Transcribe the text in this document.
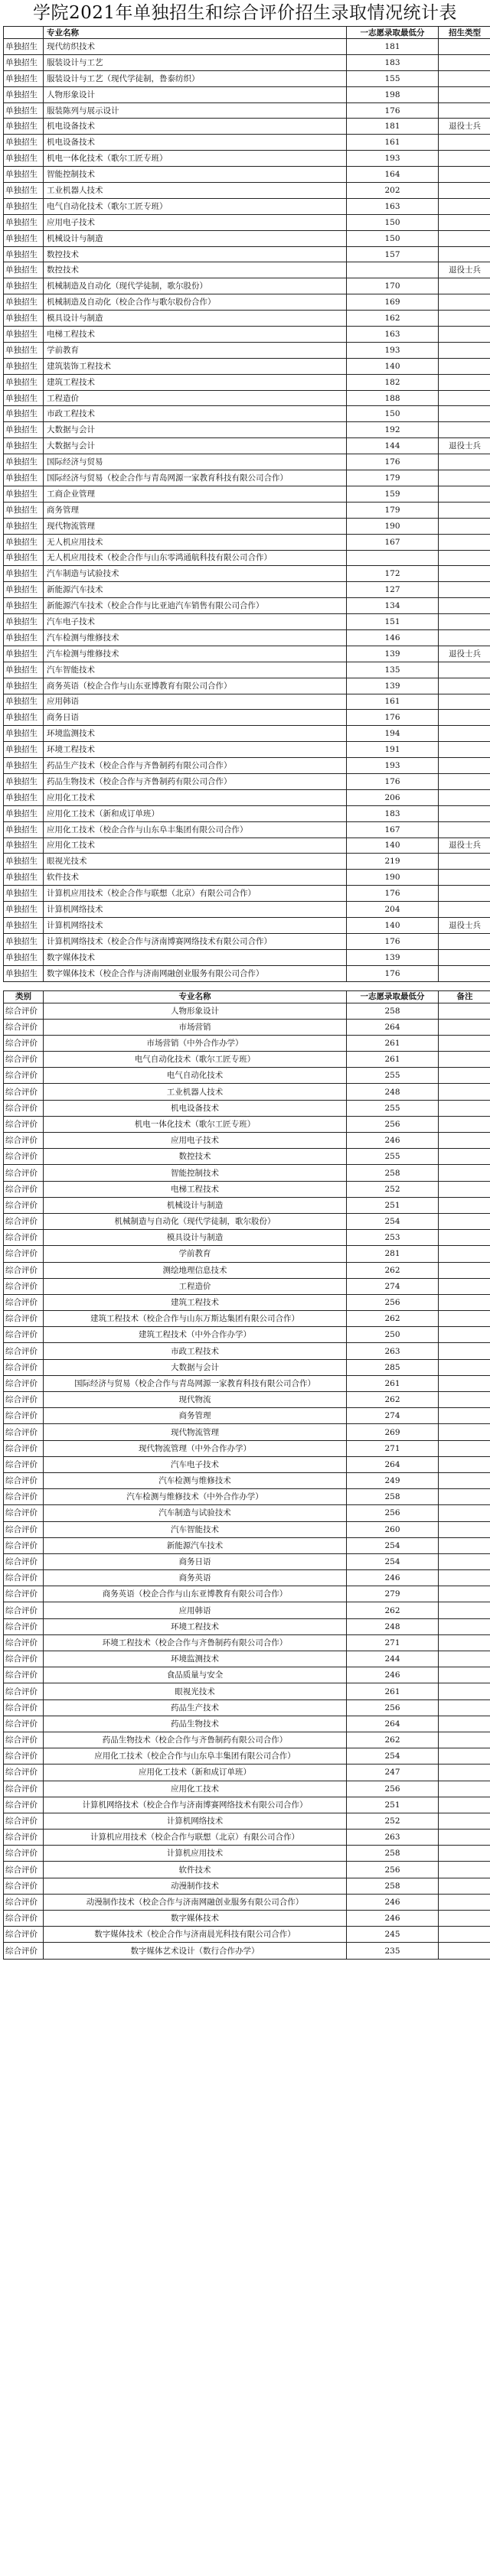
学院2021年单独招生和综合评价招生录取情况统计表
	专业名称	一志愿录取最低分	招生类型
单独招生	现代纺织技术	181	
单独招生	服装设计与工艺	183	
单独招生	服装设计与工艺（现代学徒制，鲁泰纺织）	155	
单独招生	人物形象设计	198	
单独招生	服装陈列与展示设计	176	
单独招生	机电设备技术	181	退役士兵
单独招生	机电设备技术	161	
单独招生	机电一体化技术（歌尔工匠专班）	193	
单独招生	智能控制技术	164	
单独招生	工业机器人技术	202	
单独招生	电气自动化技术（歌尔工匠专班）	163	
单独招生	应用电子技术	150	
单独招生	机械设计与制造	150	
单独招生	数控技术	157	
单独招生	数控技术		退役士兵
单独招生	机械制造及自动化（现代学徒制，歌尔股份）	170	
单独招生	机械制造及自动化（校企合作与歌尔股份合作）	169	
单独招生	模具设计与制造	162	
单独招生	电梯工程技术	163	
单独招生	学前教育	193	
单独招生	建筑装饰工程技术	140	
单独招生	建筑工程技术	182	
单独招生	工程造价	188	
单独招生	市政工程技术	150	
单独招生	大数据与会计	192	
单独招生	大数据与会计	144	退役士兵
单独招生	国际经济与贸易	176	
单独招生	国际经济与贸易（校企合作与青岛网源一家教育科技有限公司合作）	179	
单独招生	工商企业管理	159	
单独招生	商务管理	179	
单独招生	现代物流管理	190	
单独招生	无人机应用技术	167	
单独招生	无人机应用技术（校企合作与山东零鸿通航科技有限公司合作）		
单独招生	汽车制造与试验技术	172	
单独招生	新能源汽车技术	127	
单独招生	新能源汽车技术（校企合作与比亚迪汽车销售有限公司合作）	134	
单独招生	汽车电子技术	151	
单独招生	汽车检测与维修技术	146	
单独招生	汽车检测与维修技术	139	退役士兵
单独招生	汽车智能技术	135	
单独招生	商务英语（校企合作与山东亚博教育有限公司合作）	139	
单独招生	应用韩语	161	
单独招生	商务日语	176	
单独招生	环境监测技术	194	
单独招生	环境工程技术	191	
单独招生	药品生产技术（校企合作与齐鲁制药有限公司合作）	193	
单独招生	药品生物技术（校企合作与齐鲁制药有限公司合作）	176	
单独招生	应用化工技术	206	
单独招生	应用化工技术（新和成订单班）	183	
单独招生	应用化工技术（校企合作与山东阜丰集团有限公司合作）	167	
单独招生	应用化工技术	140	退役士兵
单独招生	眼视光技术	219	
单独招生	软件技术	190	
单独招生	计算机应用技术（校企合作与联想（北京）有限公司合作）	176	
单独招生	计算机网络技术	204	
单独招生	计算机网络技术	140	退役士兵
单独招生	计算机网络技术（校企合作与济南博赛网络技术有限公司合作）	176	
单独招生	数字媒体技术	139	
单独招生	数字媒体技术（校企合作与济南网融创业服务有限公司合作）	176	
类别	专业名称	一志愿录取最低分	备注
综合评价	人物形象设计	258	
综合评价	市场营销	264	
综合评价	市场营销（中外合作办学）	261	
综合评价	电气自动化技术（歌尔工匠专班）	261	
综合评价	电气自动化技术	255	
综合评价	工业机器人技术	248	
综合评价	机电设备技术	255	
综合评价	机电一体化技术（歌尔工匠专班）	256	
综合评价	应用电子技术	246	
综合评价	数控技术	255	
综合评价	智能控制技术	258	
综合评价	电梯工程技术	252	
综合评价	机械设计与制造	251	
综合评价	机械制造与自动化（现代学徒制，歌尔股份）	254	
综合评价	模具设计与制造	253	
综合评价	学前教育	281	
综合评价	测绘地理信息技术	262	
综合评价	工程造价	274	
综合评价	建筑工程技术	256	
综合评价	建筑工程技术（校企合作与山东万斯达集团有限公司合作）	262	
综合评价	建筑工程技术（中外合作办学）	250	
综合评价	市政工程技术	263	
综合评价	大数据与会计	285	
综合评价	国际经济与贸易（校企合作与青岛网源一家教育科技有限公司合作）	261	
综合评价	现代物流	262	
综合评价	商务管理	274	
综合评价	现代物流管理	269	
综合评价	现代物流管理（中外合作办学）	271	
综合评价	汽车电子技术	264	
综合评价	汽车检测与维修技术	249	
综合评价	汽车检测与维修技术（中外合作办学）	258	
综合评价	汽车制造与试验技术	256	
综合评价	汽车智能技术	260	
综合评价	新能源汽车技术	254	
综合评价	商务日语	254	
综合评价	商务英语	246	
综合评价	商务英语（校企合作与山东亚博教育有限公司合作）	279	
综合评价	应用韩语	262	
综合评价	环境工程技术	248	
综合评价	环境工程技术（校企合作与齐鲁制药有限公司合作）	271	
综合评价	环境监测技术	244	
综合评价	食品质量与安全	246	
综合评价	眼视光技术	261	
综合评价	药品生产技术	256	
综合评价	药品生物技术	264	
综合评价	药品生物技术（校企合作与齐鲁制药有限公司合作）	262	
综合评价	应用化工技术（校企合作与山东阜丰集团有限公司合作）	254	
综合评价	应用化工技术（新和成订单班）	247	
综合评价	应用化工技术	256	
综合评价	计算机网络技术（校企合作与济南博赛网络技术有限公司合作）	251	
综合评价	计算机网络技术	252	
综合评价	计算机应用技术（校企合作与联想（北京）有限公司合作）	263	
综合评价	计算机应用技术	258	
综合评价	软件技术	256	
综合评价	动漫制作技术	258	
综合评价	动漫制作技术（校企合作与济南网融创业服务有限公司合作）	246	
综合评价	数字媒体技术	246	
综合评价	数字媒体技术（校企合作与济南晨光科技有限公司合作）	245	
综合评价	数字媒体艺术设计（数行合作办学）	235	
